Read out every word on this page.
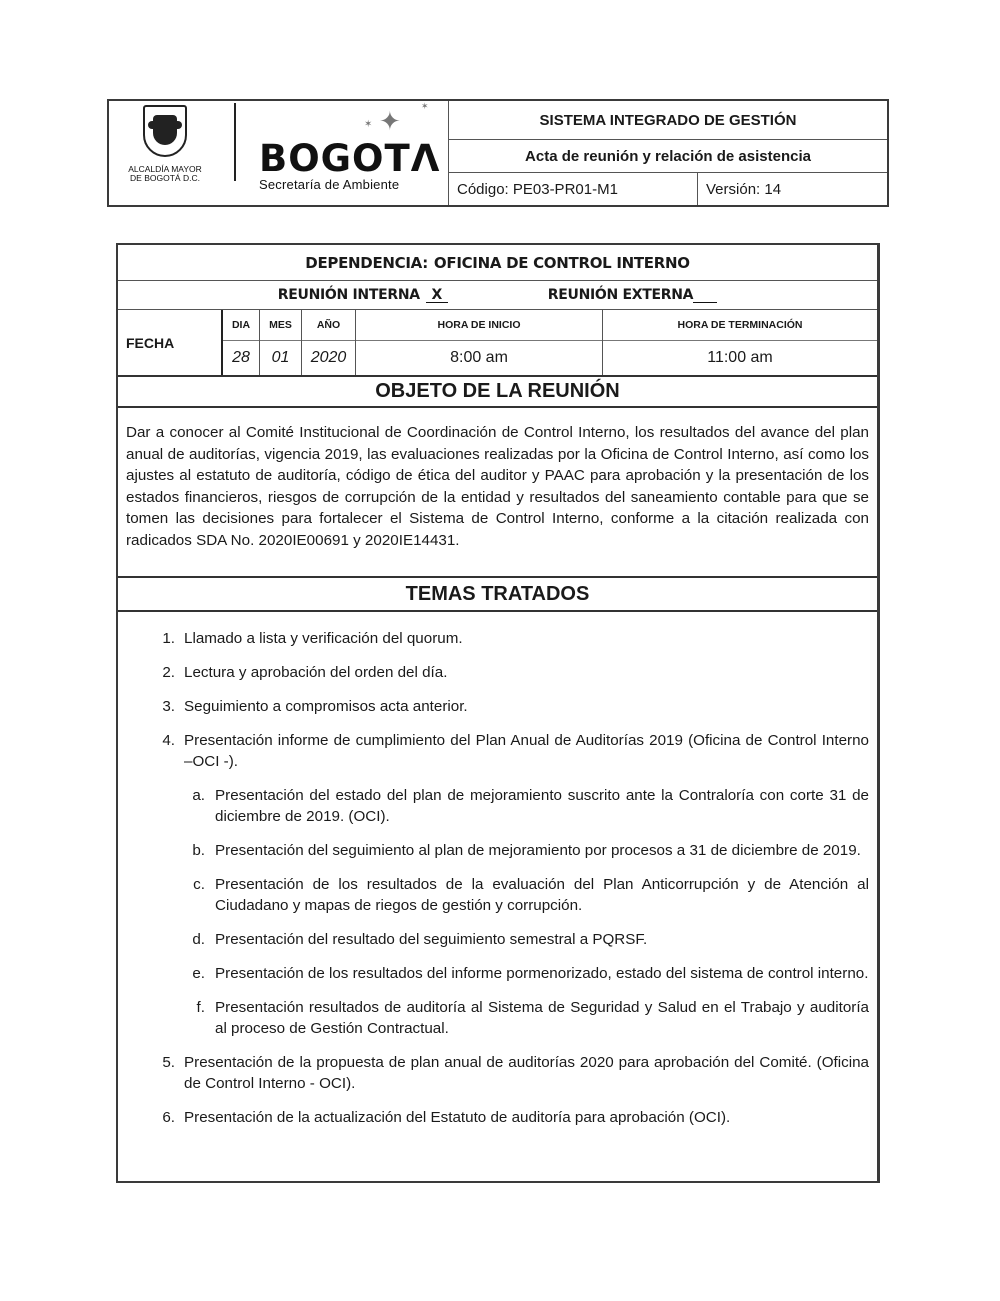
ALCALDÍA MAYOR
DE BOGOTÁ D.C.
✶ ✦ ✶
BOGOTΛ
Secretaría de Ambiente
SISTEMA INTEGRADO DE GESTIÓN
Acta de reunión y relación de asistencia
Código: PE03-PR01-M1	Versión: 14
DEPENDENCIA: OFICINA DE CONTROL INTERNO
REUNIÓN INTERNA X	REUNIÓN EXTERNA
FECHA
DIA
28
MES
01
AÑO
2020
HORA DE INICIO
8:00 am
HORA DE TERMINACIÓN
11:00 am
OBJETO DE LA REUNIÓN
Dar a conocer al Comité Institucional de Coordinación de Control Interno, los resultados del avance del plan anual de auditorías, vigencia 2019, las evaluaciones realizadas por la Oficina de Control Interno, así como los ajustes al estatuto de auditoría, código de ética del auditor y PAAC para aprobación y la presentación de los estados financieros, riesgos de corrupción de la entidad y resultados del saneamiento contable para que se tomen las decisiones para fortalecer el Sistema de Control Interno, conforme a la citación realizada con radicados SDA No. 2020IE00691 y 2020IE14431.
TEMAS TRATADOS
1. Llamado a lista y verificación del quorum.
2. Lectura y aprobación del orden del día.
3. Seguimiento a compromisos acta anterior.
4. Presentación informe de cumplimiento del Plan Anual de Auditorías 2019 (Oficina de Control Interno –OCI -).
a. Presentación del estado del plan de mejoramiento suscrito ante la Contraloría con corte 31 de diciembre de 2019. (OCI).
b. Presentación del seguimiento al plan de mejoramiento por procesos a 31 de diciembre de 2019.
c. Presentación de los resultados de la evaluación del Plan Anticorrupción y de Atención al Ciudadano y mapas de riegos de gestión y corrupción.
d. Presentación del resultado del seguimiento semestral a PQRSF.
e. Presentación de los resultados del informe pormenorizado, estado del sistema de control interno.
f. Presentación resultados de auditoría al Sistema de Seguridad y Salud en el Trabajo y auditoría al proceso de Gestión Contractual.
5. Presentación de la propuesta de plan anual de auditorías 2020 para aprobación del Comité. (Oficina de Control Interno - OCI).
6. Presentación de la actualización del Estatuto de auditoría para aprobación (OCI).
